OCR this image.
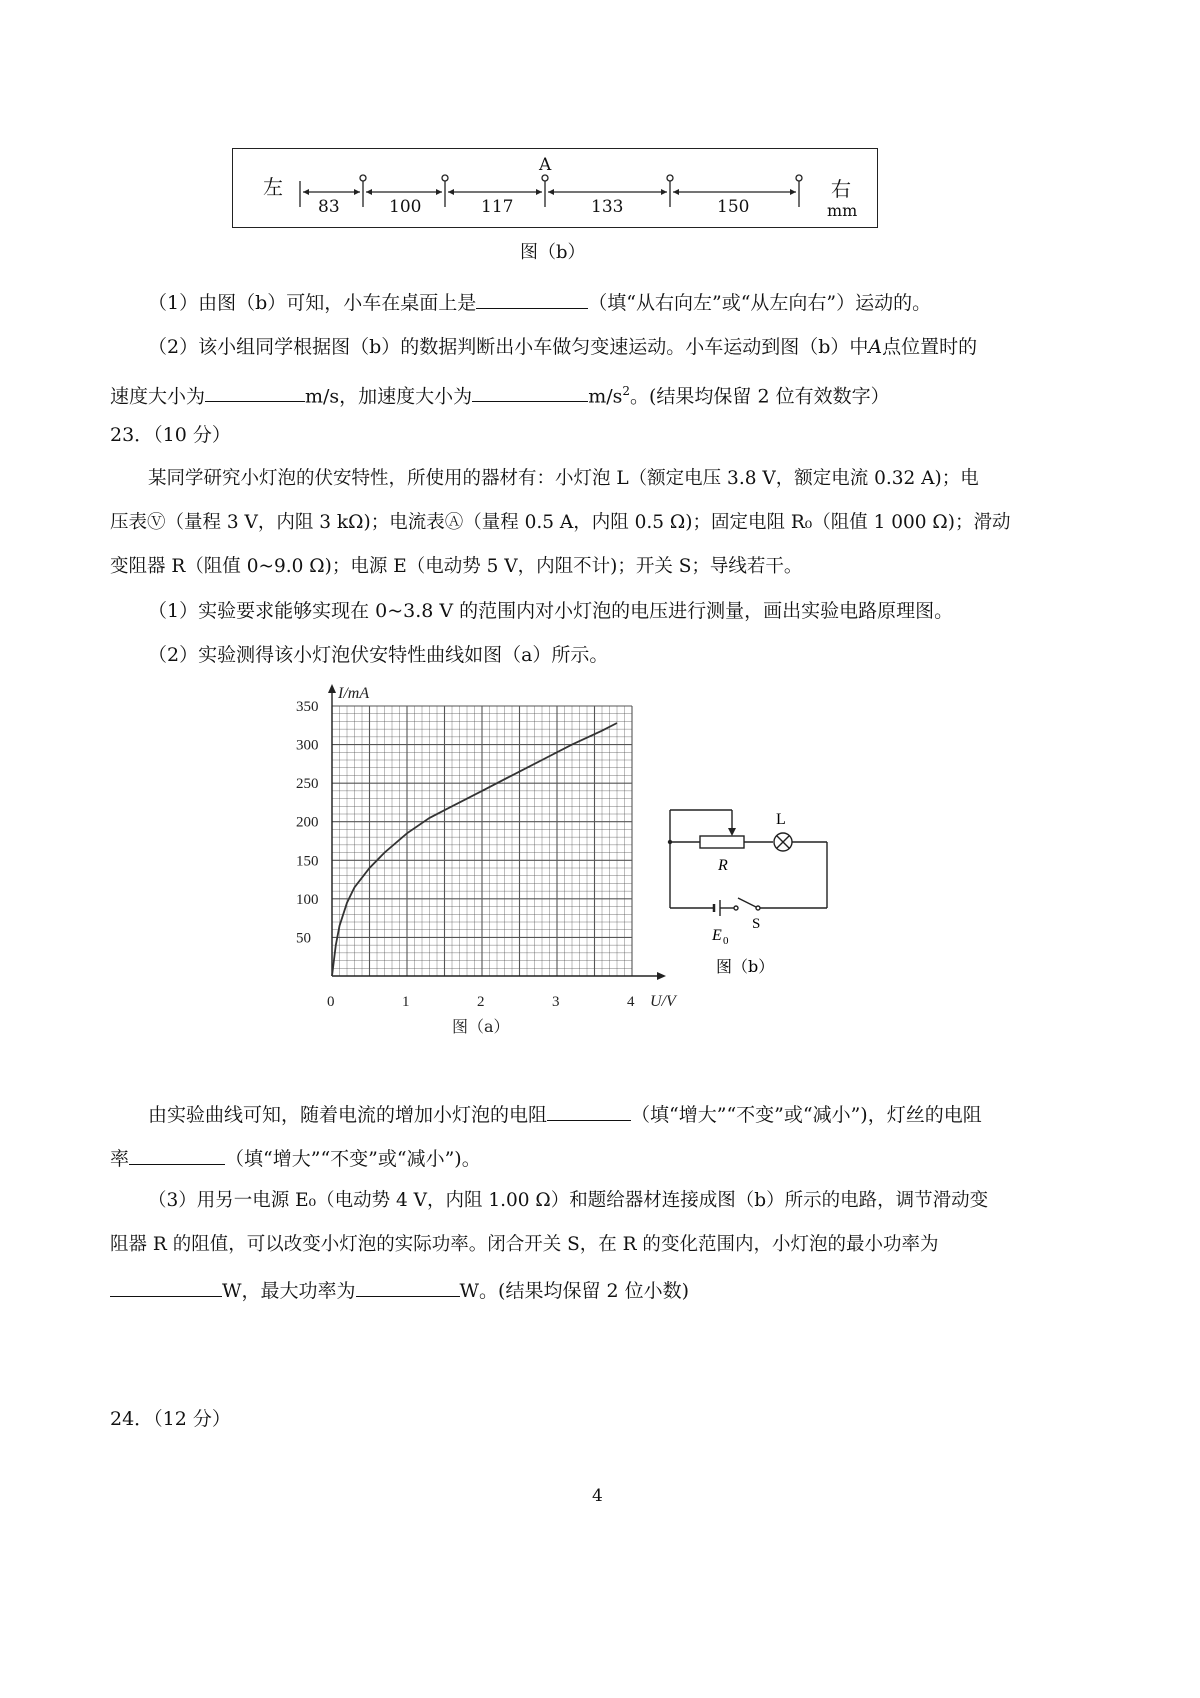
左	右
mm
A
83	100	117	133	150
图（b）
（1）由图（b）可知，小车在桌面上是	（填“从右向左”或“从左向右”）运动的。
（2）该小组同学根据图（b）的数据判断出小车做匀变速运动。小车运动到图（b）中A点位置时的
速度大小为	m/s，加速度大小为	$m/s^2$。(结果均保留 2 位有效数字）
23．（10 分）
某同学研究小灯泡的伏安特性，所使用的器材有：小灯泡 L（额定电压 3.8 V，额定电流 0.32 A)；电
压表Ⓥ（量程 3 V，内阻 3 kΩ)；电流表Ⓐ（量程 0.5 A，内阻 0.5 Ω)；固定电阻 R₀（阻值 1 000 Ω)；滑动
变阻器 R（阻值 0~9.0 Ω)；电源 E（电动势 5 V，内阻不计)；开关 S；导线若干。
（1）实验要求能够实现在 0~3.8 V 的范围内对小灯泡的电压进行测量，画出实验电路原理图。
（2）实验测得该小灯泡伏安特性曲线如图（a）所示。
0	1	2	3	4
50
100
150
200
250
300
350
U/V
I/mA
图（a）
R
L
S
E 0
图（b）
由实验曲线可知，随着电流的增加小灯泡的电阻	（填“增大”“不变”或“减小”)，灯丝的电阻
率	（填“增大”“不变”或“减小”)。
（3）用另一电源 E₀（电动势 4 V，内阻 1.00 Ω）和题给器材连接成图（b）所示的电路，调节滑动变
阻器 R 的阻值，可以改变小灯泡的实际功率。闭合开关 S，在 R 的变化范围内，小灯泡的最小功率为
W，最大功率为	W。(结果均保留 2 位小数)
24．（12 分）
4
